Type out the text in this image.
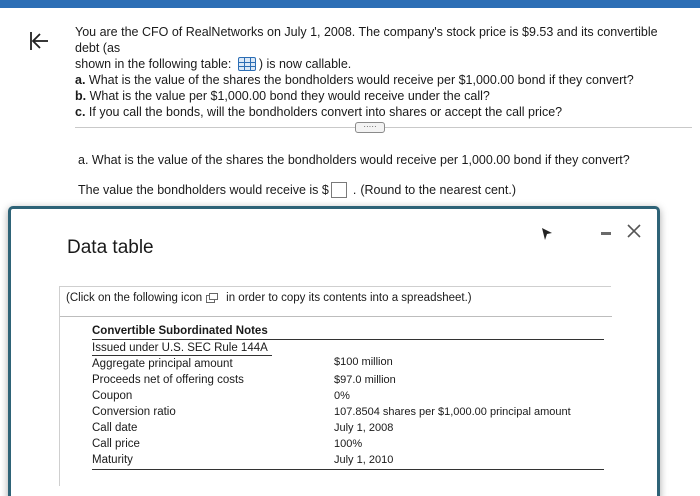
You are the CFO of RealNetworks on July 1, 2008. The company's stock price is $9.53 and its convertible debt (as

shown in the following table: ) is now callable.

a. What is the value of the shares the bondholders would receive per $1,000.00 bond if they convert?

b. What is the value per $1,000.00 bond they would receive under the call?

c. If you call the bonds, will the bondholders convert into shares or accept the call price?

·····
a. What is the value of the shares the bondholders would receive per 1,000.00 bond if they convert?
The value the bondholders would receive is $ . (Round to the nearest cent.)
Data table
(Click on the following icon in order to copy its contents into a spreadsheet.)
Convertible Subordinated Notes
Issued under U.S. SEC Rule 144A
Aggregate principal amount	$100 million
Proceeds net of offering costs	$97.0 million
Coupon	0%
Conversion ratio	107.8504 shares per $1,000.00 principal amount
Call date	July 1, 2008
Call price	100%
Maturity	July 1, 2010
